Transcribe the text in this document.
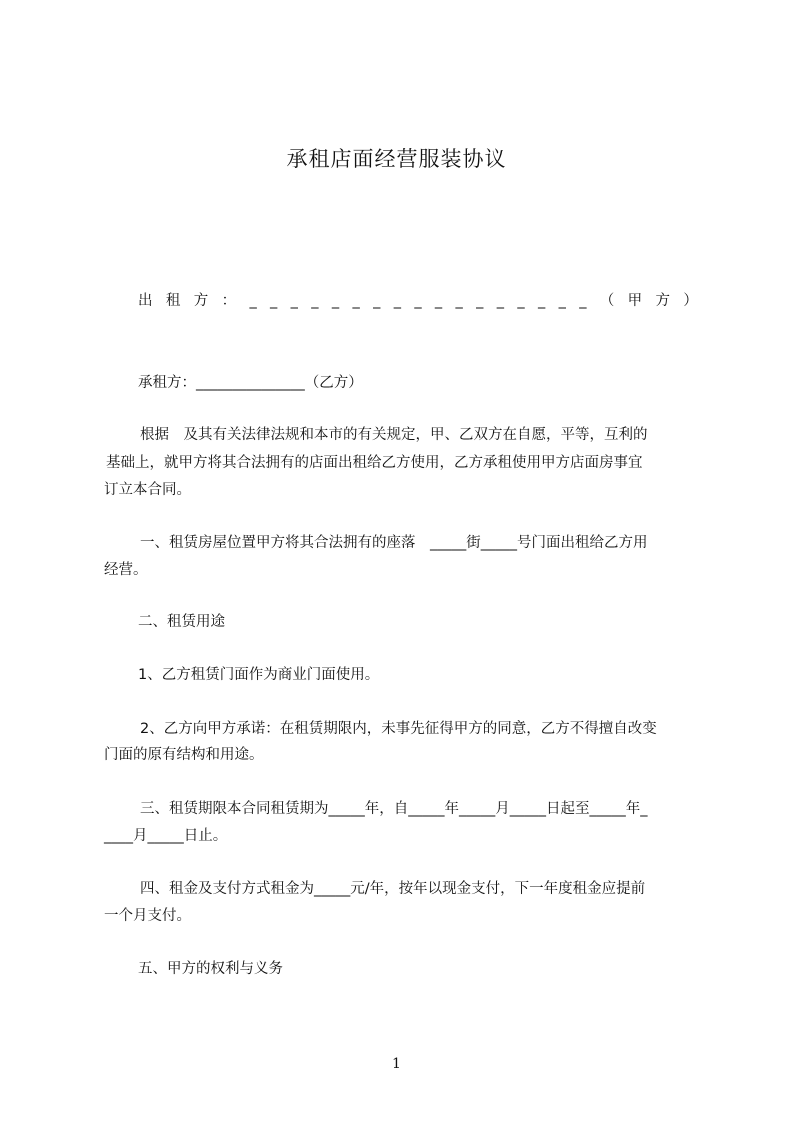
承租店面经营服装协议
出 租 方 ： _ _ _ _ _ _ _ _ _ _ _ _ _ _ _ _ _ （ 甲 方 ）

承租方：_______________（乙方）

根据　及其有关法律法规和本市的有关规定，甲、乙双方在自愿，平等，互利的

基础上，就甲方将其合法拥有的店面出租给乙方使用，乙方承租使用甲方店面房事宜

订立本合同。

一、租赁房屋位置甲方将其合法拥有的座落　_____街_____号门面出租给乙方用

经营。

二、租赁用途

1、乙方租赁门面作为商业门面使用。

2、乙方向甲方承诺：在租赁期限内，未事先征得甲方的同意，乙方不得擅自改变

门面的原有结构和用途。

三、租赁期限本合同租赁期为_____年，自_____年_____月_____日起至_____年_

____月_____日止。

四、租金及支付方式租金为_____元/年，按年以现金支付，下一年度租金应提前

一个月支付。

五、甲方的权利与义务

1
